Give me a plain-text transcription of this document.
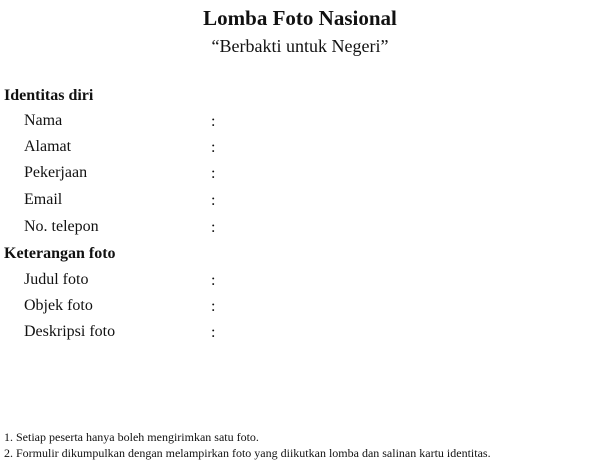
Lomba Foto Nasional
“Berbakti untuk Negeri”
Identitas diri
Nama	:
Alamat	:
Pekerjaan	:
Email	:
No. telepon	:
Keterangan foto
Judul foto	:
Objek foto	:
Deskripsi foto	:
1. Setiap peserta hanya boleh mengirimkan satu foto.
2. Formulir dikumpulkan dengan melampirkan foto yang diikutkan lomba dan salinan kartu identitas.
